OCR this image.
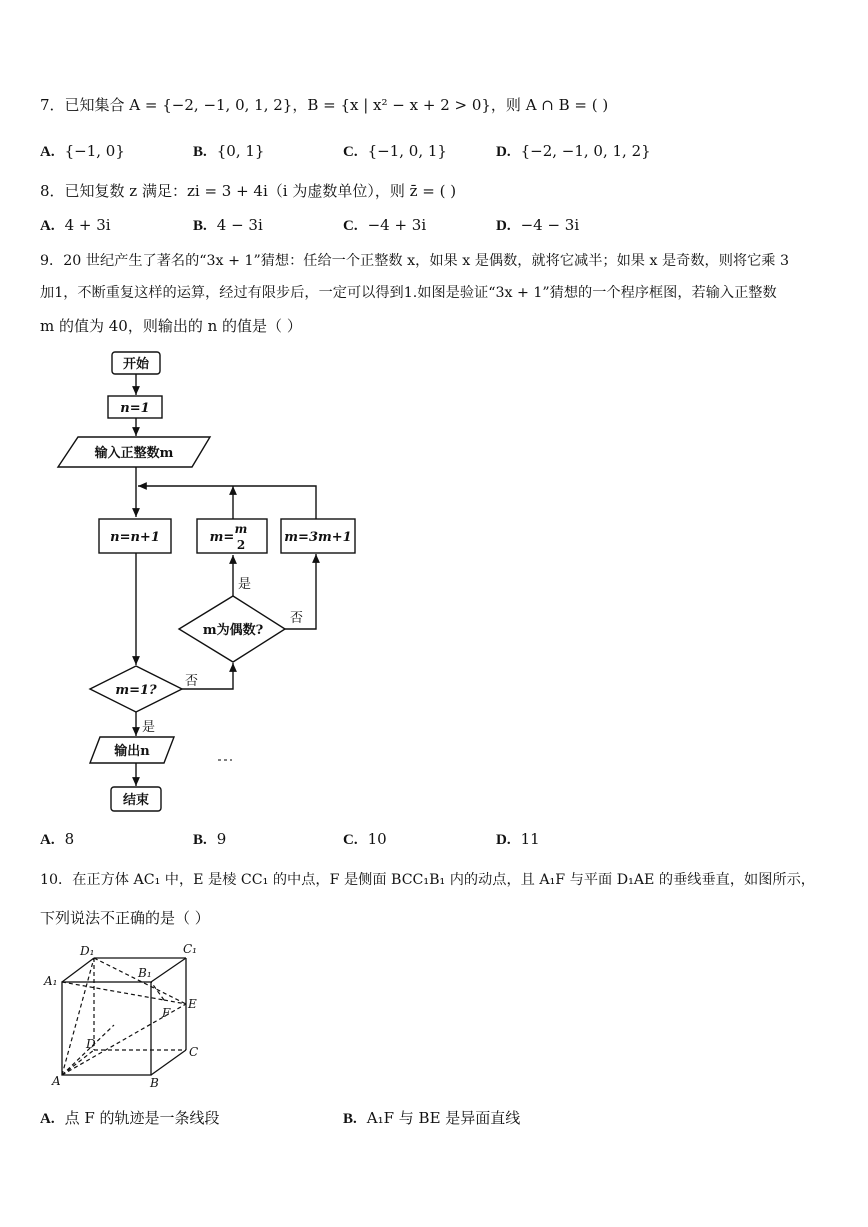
7．已知集合 A = {−2, −1, 0, 1, 2}，B = {x | x² − x + 2 > 0}，则 A ∩ B = ( )
A. {−1, 0}	B. {0, 1}	C. {−1, 0, 1}	D. {−2, −1, 0, 1, 2}
8．已知复数 z 满足：zi = 3 + 4i（i 为虚数单位），则 z̄ = ( )
A. 4 + 3i	B. 4 − 3i	C. −4 + 3i	D. −4 − 3i
9．20 世纪产生了著名的“3x + 1”猜想：任给一个正整数 x，如果 x 是偶数，就将它减半；如果 x 是奇数，则将它乘 3
加1，不断重复这样的运算，经过有限步后，一定可以得到1.如图是验证“3x + 1”猜想的一个程序框图，若输入正整数
m 的值为 40，则输出的 n 的值是（ ）
开始
n=1
输入正整数m
n=n+1	m=
m
2	m=3m+1
m为偶数?
m=1?
输出n
结束
是
否
否
是
A. 8	B. 9	C. 10	D. 11
10．在正方体 AC₁ 中，E 是棱 CC₁ 的中点，F 是侧面 BCC₁B₁ 内的动点，且 A₁F 与平面 D₁AE 的垂线垂直，如图所示，
下列说法不正确的是（ ）
D₁	C₁
B₁
A₁
E
F
D
C
A	B
A. 点 F 的轨迹是一条线段	B. A₁F 与 BE 是异面直线
